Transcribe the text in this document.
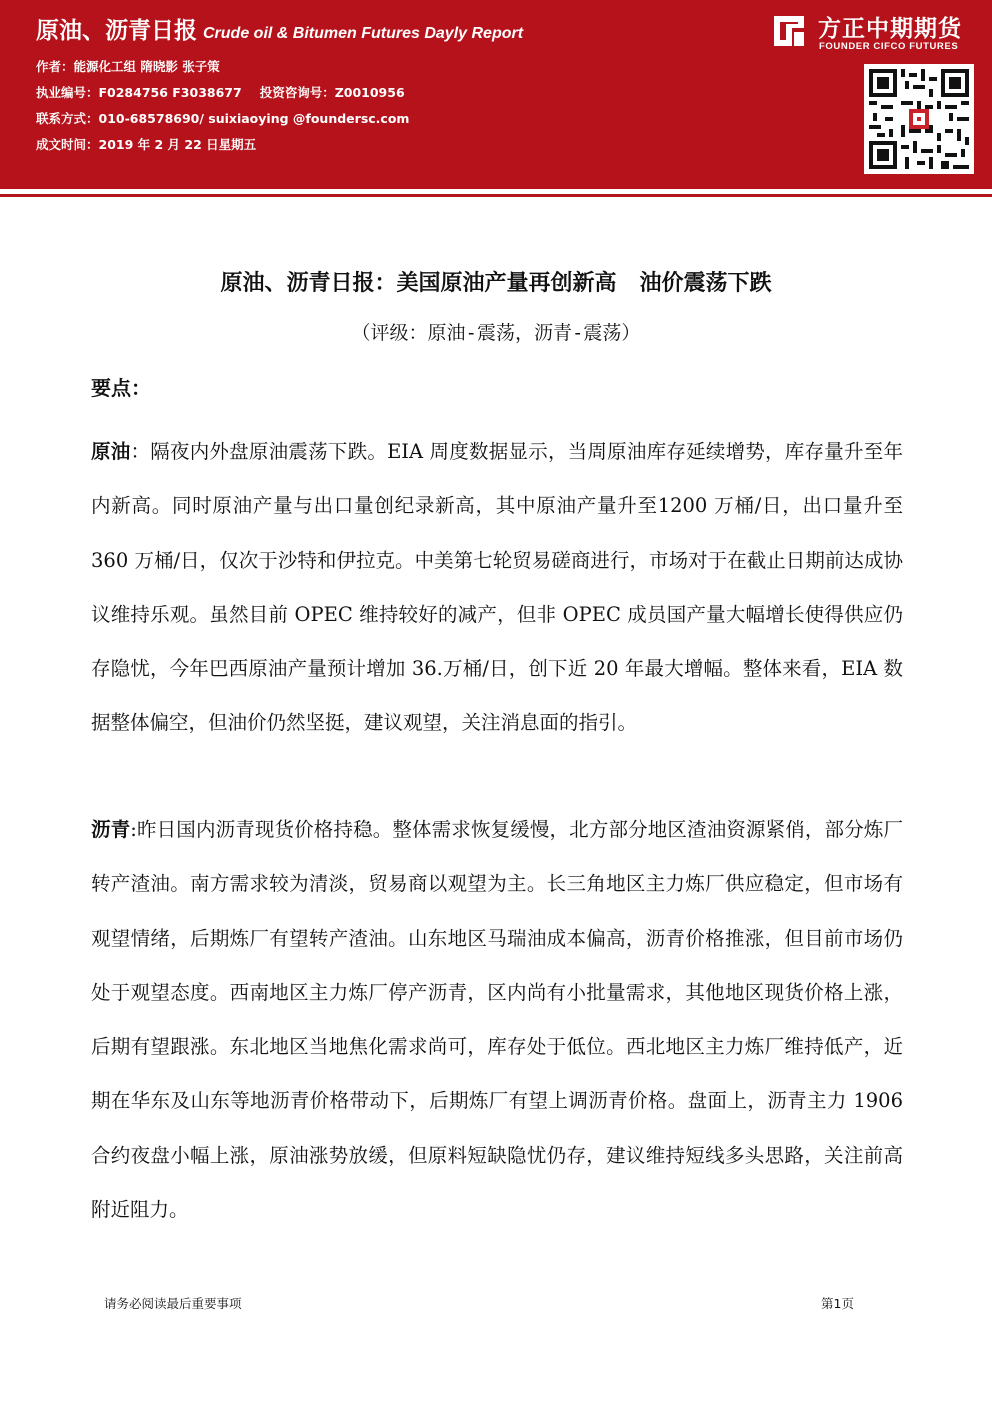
原油、沥青日报 Crude oil & Bitumen Futures Dayly Report
作者：能源化工组 隋晓影 张子策
执业编号：F0284756 F3038677 投资咨询号：Z0010956
联系方式：010-68578690/ suixiaoying @foundersc.com
成文时间：2019 年 2 月 22 日星期五
方正中期期货
FOUNDER CIFCO FUTURES
原油、沥青日报：美国原油产量再创新高   油价震荡下跌
（评级：原油-震荡，沥青-震荡）
要点：

原油：隔夜内外盘原油震荡下跌。EIA 周度数据显示，当周原油库存延续增势，库存量升至年内新高。同时原油产量与出口量创纪录新高，其中原油产量升至1200 万桶/日，出口量升至 360 万桶/日，仅次于沙特和伊拉克。中美第七轮贸易磋商进行，市场对于在截止日期前达成协议维持乐观。虽然目前 OPEC 维持较好的减产，但非 OPEC 成员国产量大幅增长使得供应仍存隐忧，今年巴西原油产量预计增加 36.万桶/日，创下近 20 年最大增幅。整体来看，EIA 数据整体偏空，但油价仍然坚挺，建议观望，关注消息面的指引。

沥青:昨日国内沥青现货价格持稳。整体需求恢复缓慢，北方部分地区渣油资源紧俏，部分炼厂转产渣油。南方需求较为清淡，贸易商以观望为主。长三角地区主力炼厂供应稳定，但市场有观望情绪，后期炼厂有望转产渣油。山东地区马瑞油成本偏高，沥青价格推涨，但目前市场仍处于观望态度。西南地区主力炼厂停产沥青，区内尚有小批量需求，其他地区现货价格上涨，后期有望跟涨。东北地区当地焦化需求尚可，库存处于低位。西北地区主力炼厂维持低产，近期在华东及山东等地沥青价格带动下，后期炼厂有望上调沥青价格。盘面上，沥青主力 1906合约夜盘小幅上涨，原油涨势放缓，但原料短缺隐忧仍存，建议维持短线多头思路，关注前高附近阻力。

请务必阅读最后重要事项	第1页
